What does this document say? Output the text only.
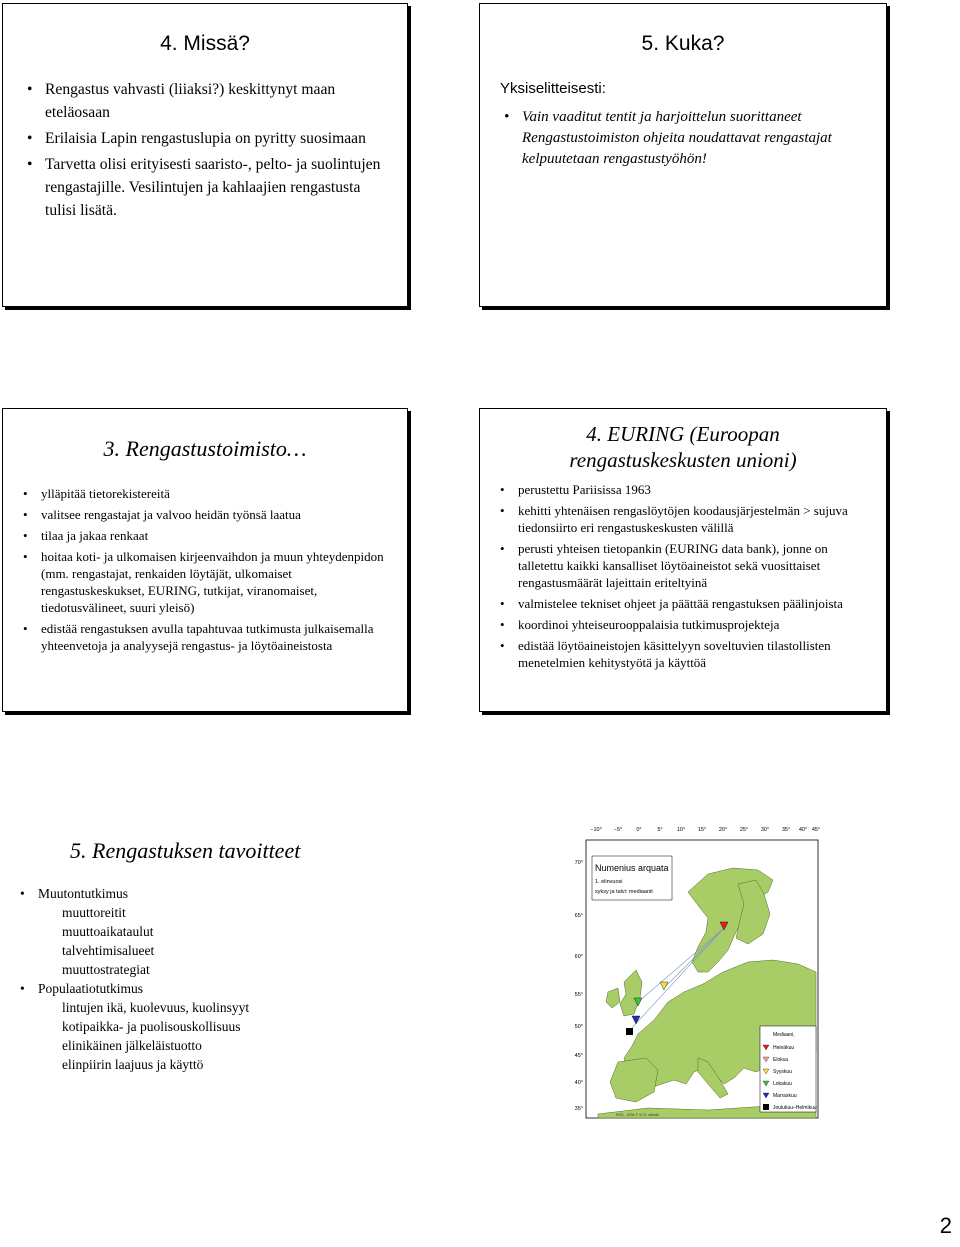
4. Missä?
• Rengastus vahvasti (liiaksi?) keskittynyt maan eteläosaan
• Erilaisia Lapin rengastuslupia on pyritty suosimaan
• Tarvetta olisi erityisesti saaristo-, pelto- ja suolintujen rengastajille. Vesilintujen ja kahlaajien rengastusta tulisi lisätä.
5. Kuka?
Yksiselitteisesti:
• Vain vaaditut tentit ja harjoittelun suorittaneet Rengastustoimiston ohjeita noudattavat rengastajat kelpuutetaan rengastustyöhön!
3. Rengastustoimisto…
• ylläpitää tietorekistereitä
• valitsee rengastajat ja valvoo heidän työnsä laatua
• tilaa ja jakaa renkaat
• hoitaa koti- ja ulkomaisen kirjeenvaihdon ja muun yhteydenpidon (mm. rengastajat, renkaiden löytäjät, ulkomaiset rengastuskeskukset, EURING, tutkijat, viranomaiset, tiedotusvälineet, suuri yleisö)
• edistää rengastuksen avulla tapahtuvaa tutkimusta julkaisemalla yhteenvetoja ja analyysejä rengastus- ja löytöaineistosta
4. EURING (Euroopan
rengastuskeskusten unioni)
• perustettu Pariisissa 1963
• kehitti yhtenäisen rengaslöytöjen koodausjärjestelmän > sujuva tiedonsiirto eri rengastuskeskusten välillä
• perusti yhteisen tietopankin (EURING data bank), jonne on talletettu kaikki kansalliset löytöaineistot sekä vuosittaiset rengastusmäärät lajeittain eriteltyinä
• valmistelee tekniset ohjeet ja päättää rengastuksen päälinjoista
• koordinoi yhteiseurooppalaisia tutkimusprojekteja
• edistää löytöaineistojen käsittelyyn soveltuvien tilastollisten menetelmien kehitystyötä ja käyttöä
5. Rengastuksen tavoitteet
• Muutontutkimus
muuttoreitit
muuttoaikataulut
talvehtimisalueet
muuttostrategiat
• Populaatiotutkimus
lintujen ikä, kuolevuus, kuolinsyyt
kotipaikka- ja puolisouskollisuus
elinikäinen jälkeläistuotto
elinpiirin laajuus ja käyttö
−10° −5°	0°	5°	10° 15° 20° 25° 30° 35° 40° 45°
70°
65°
60°
55°
50°
45°
40°
35°
Numenius arquata
1. elinvuosi
syksy ja talvi: mediaanit
Mediaani,
Heinäkuu
Elokuu
Syyskuu
Lokakuu
Marraskuu
Joulukuu–Helmikuu
RGS - 2004 © VLTL ratmak
2
